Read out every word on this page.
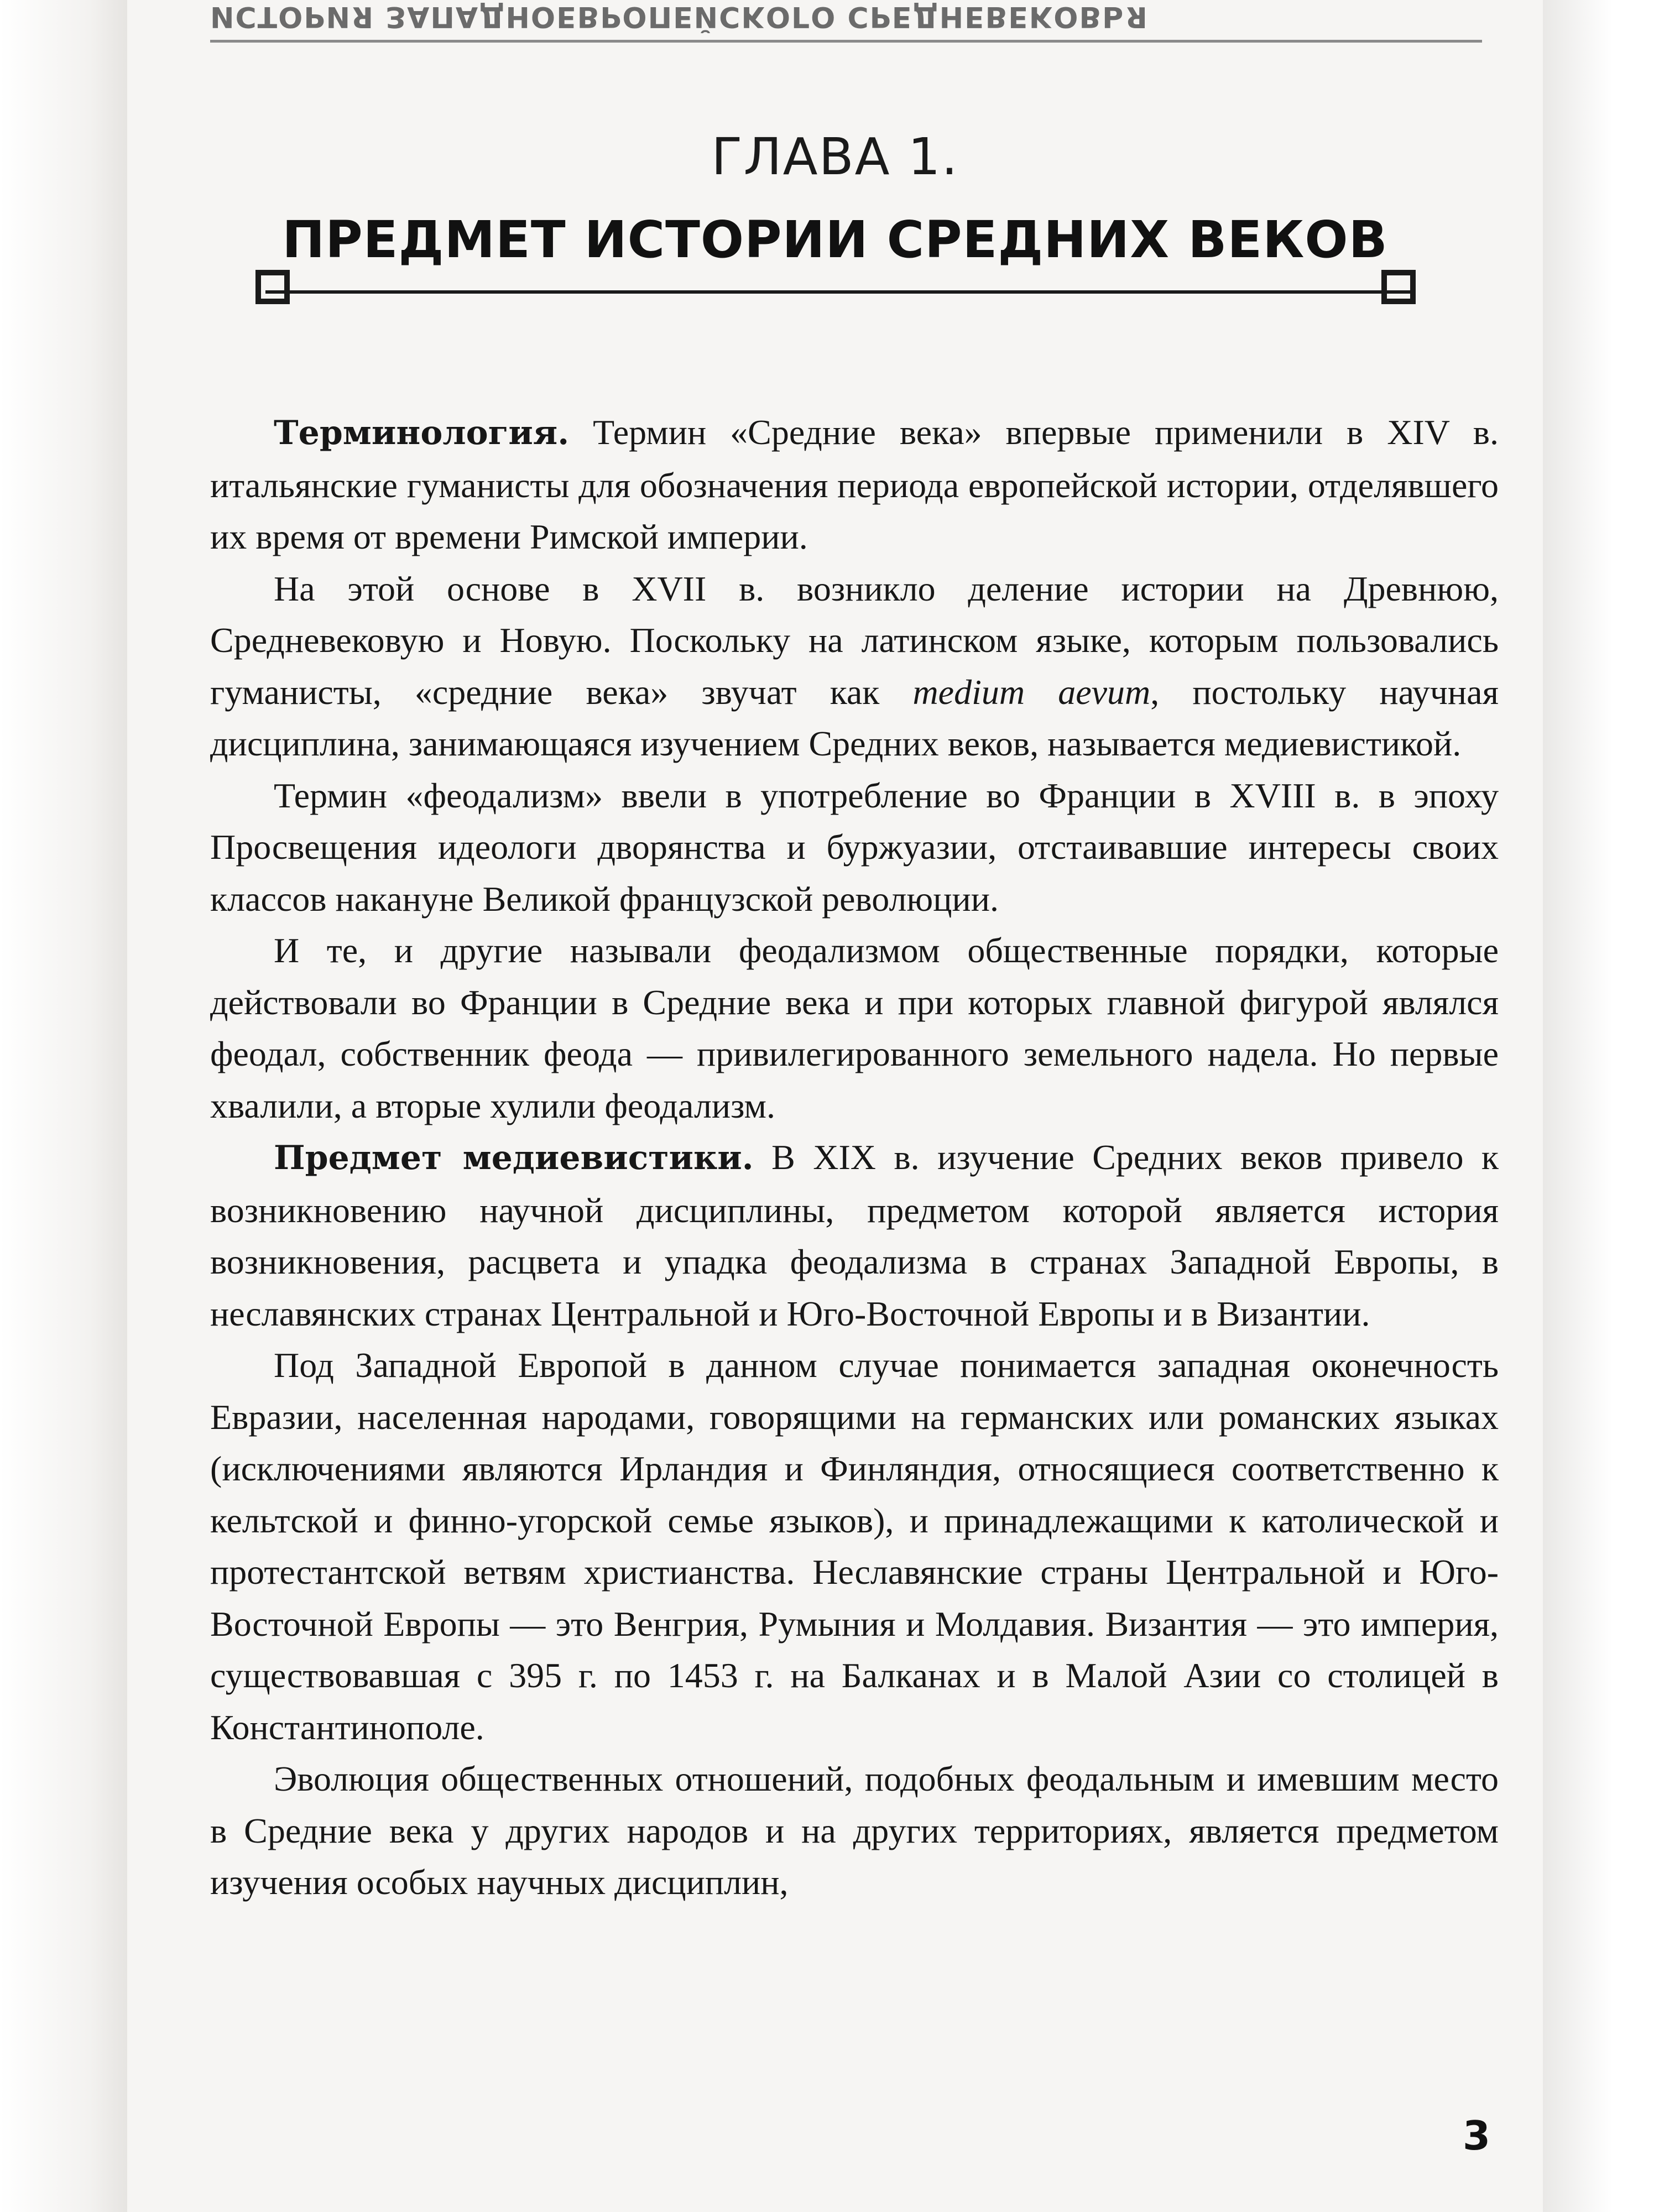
ИСТОРИЯ ЗАПАДНОЕВРОПЕЙСКОГО СРЕДНЕВЕКОВЬЯ
ГЛАВА 1.
ПРЕДМЕТ ИСТОРИИ СРЕДНИХ ВЕКОВ

Терминология. Термин «Средние века» впервые применили в XIV в. итальянские гуманисты для обозначения периода европейской истории, отделявшего их время от времени Римской империи.

На этой основе в XVII в. возникло деление истории на Древнюю, Средневековую и Новую. Поскольку на латинском языке, которым пользовались гуманисты, «средние века» звучат как medium aevum, постольку научная дисциплина, занимающаяся изучением Средних веков, называется медиевистикой.

Термин «феодализм» ввели в употребление во Франции в XVIII в. в эпоху Просвещения идеологи дворянства и буржуазии, отстаивавшие интересы своих классов накануне Великой французской революции.

И те, и другие называли феодализмом общественные порядки, которые действовали во Франции в Средние века и при которых главной фигурой являлся феодал, собственник феода — привилегированного земельного надела. Но первые хвалили, а вторые хулили феодализм.

Предмет медиевистики. В XIX в. изучение Средних веков привело к возникновению научной дисциплины, предметом которой является история возникновения, расцвета и упадка феодализма в странах Западной Европы, в неславянских странах Центральной и Юго-Восточной Европы и в Византии.

Под Западной Европой в данном случае понимается западная оконечность Евразии, населенная народами, говорящими на германских или романских языках (исключениями являются Ирландия и Финляндия, относящиеся соответственно к кельтской и финно-угорской семье языков), и принадлежащими к католической и протестантской ветвям христианства. Неславянские страны Центральной и Юго-Восточной Европы — это Венгрия, Румыния и Молдавия. Византия — это империя, существовавшая с 395 г. по 1453 г. на Балканах и в Малой Азии со столицей в Константинополе.

Эволюция общественных отношений, подобных феодальным и имевшим место в Средние века у других народов и на других территориях, является предметом изучения особых научных дисциплин,

3
